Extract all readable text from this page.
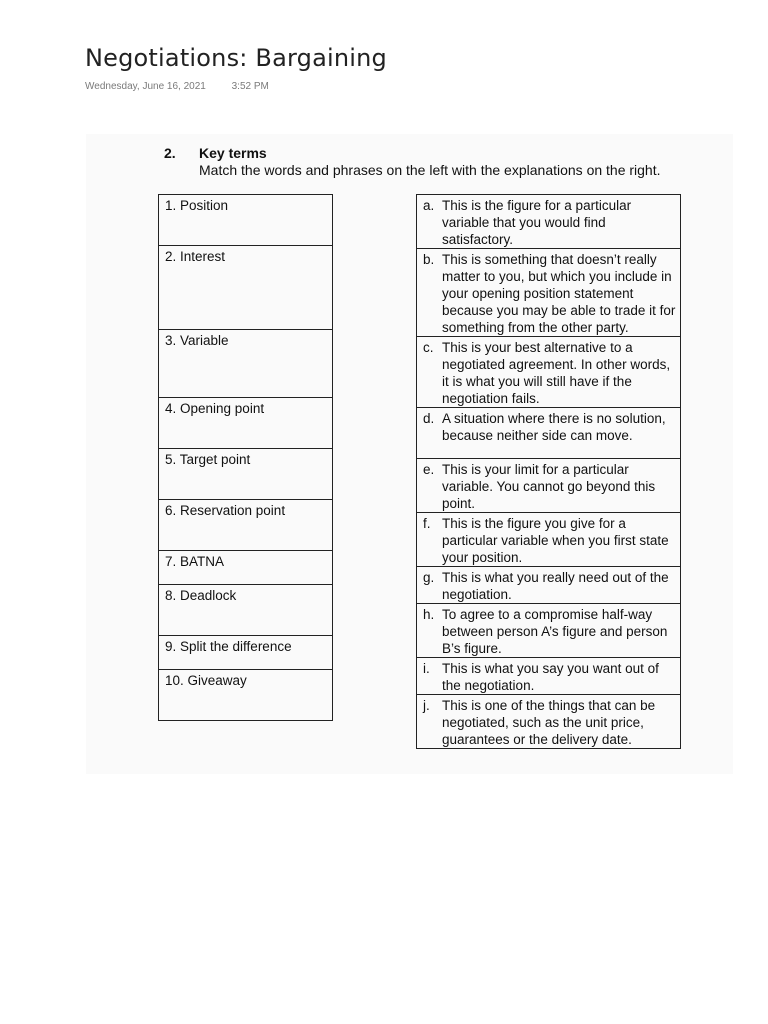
Negotiations: Bargaining
Wednesday, June 16, 2021	3:52 PM
2. Key terms
Match the words and phrases on the left with the explanations on the right.
1. Position
2. Interest
3. Variable
4. Opening point
5. Target point
6. Reservation point
7. BATNA
8. Deadlock
9. Split the difference
10. Giveaway
a. This is the figure for a particular variable that you would find satisfactory.

b. This is something that doesn’t really matter to you, but which you include in your opening position statement because you may be able to trade it for something from the other party.

c. This is your best alternative to a negotiated agreement. In other words, it is what you will still have if the negotiation fails.

d. A situation where there is no solution, because neither side can move.

e. This is your limit for a particular variable. You cannot go beyond this point.

f. This is the figure you give for a particular variable when you first state your position.

g. This is what you really need out of the negotiation.

h. To agree to a compromise half-way between person A’s figure and person B’s figure.

i. This is what you say you want out of the negotiation.

j. This is one of the things that can be negotiated, such as the unit price, guarantees or the delivery date.
